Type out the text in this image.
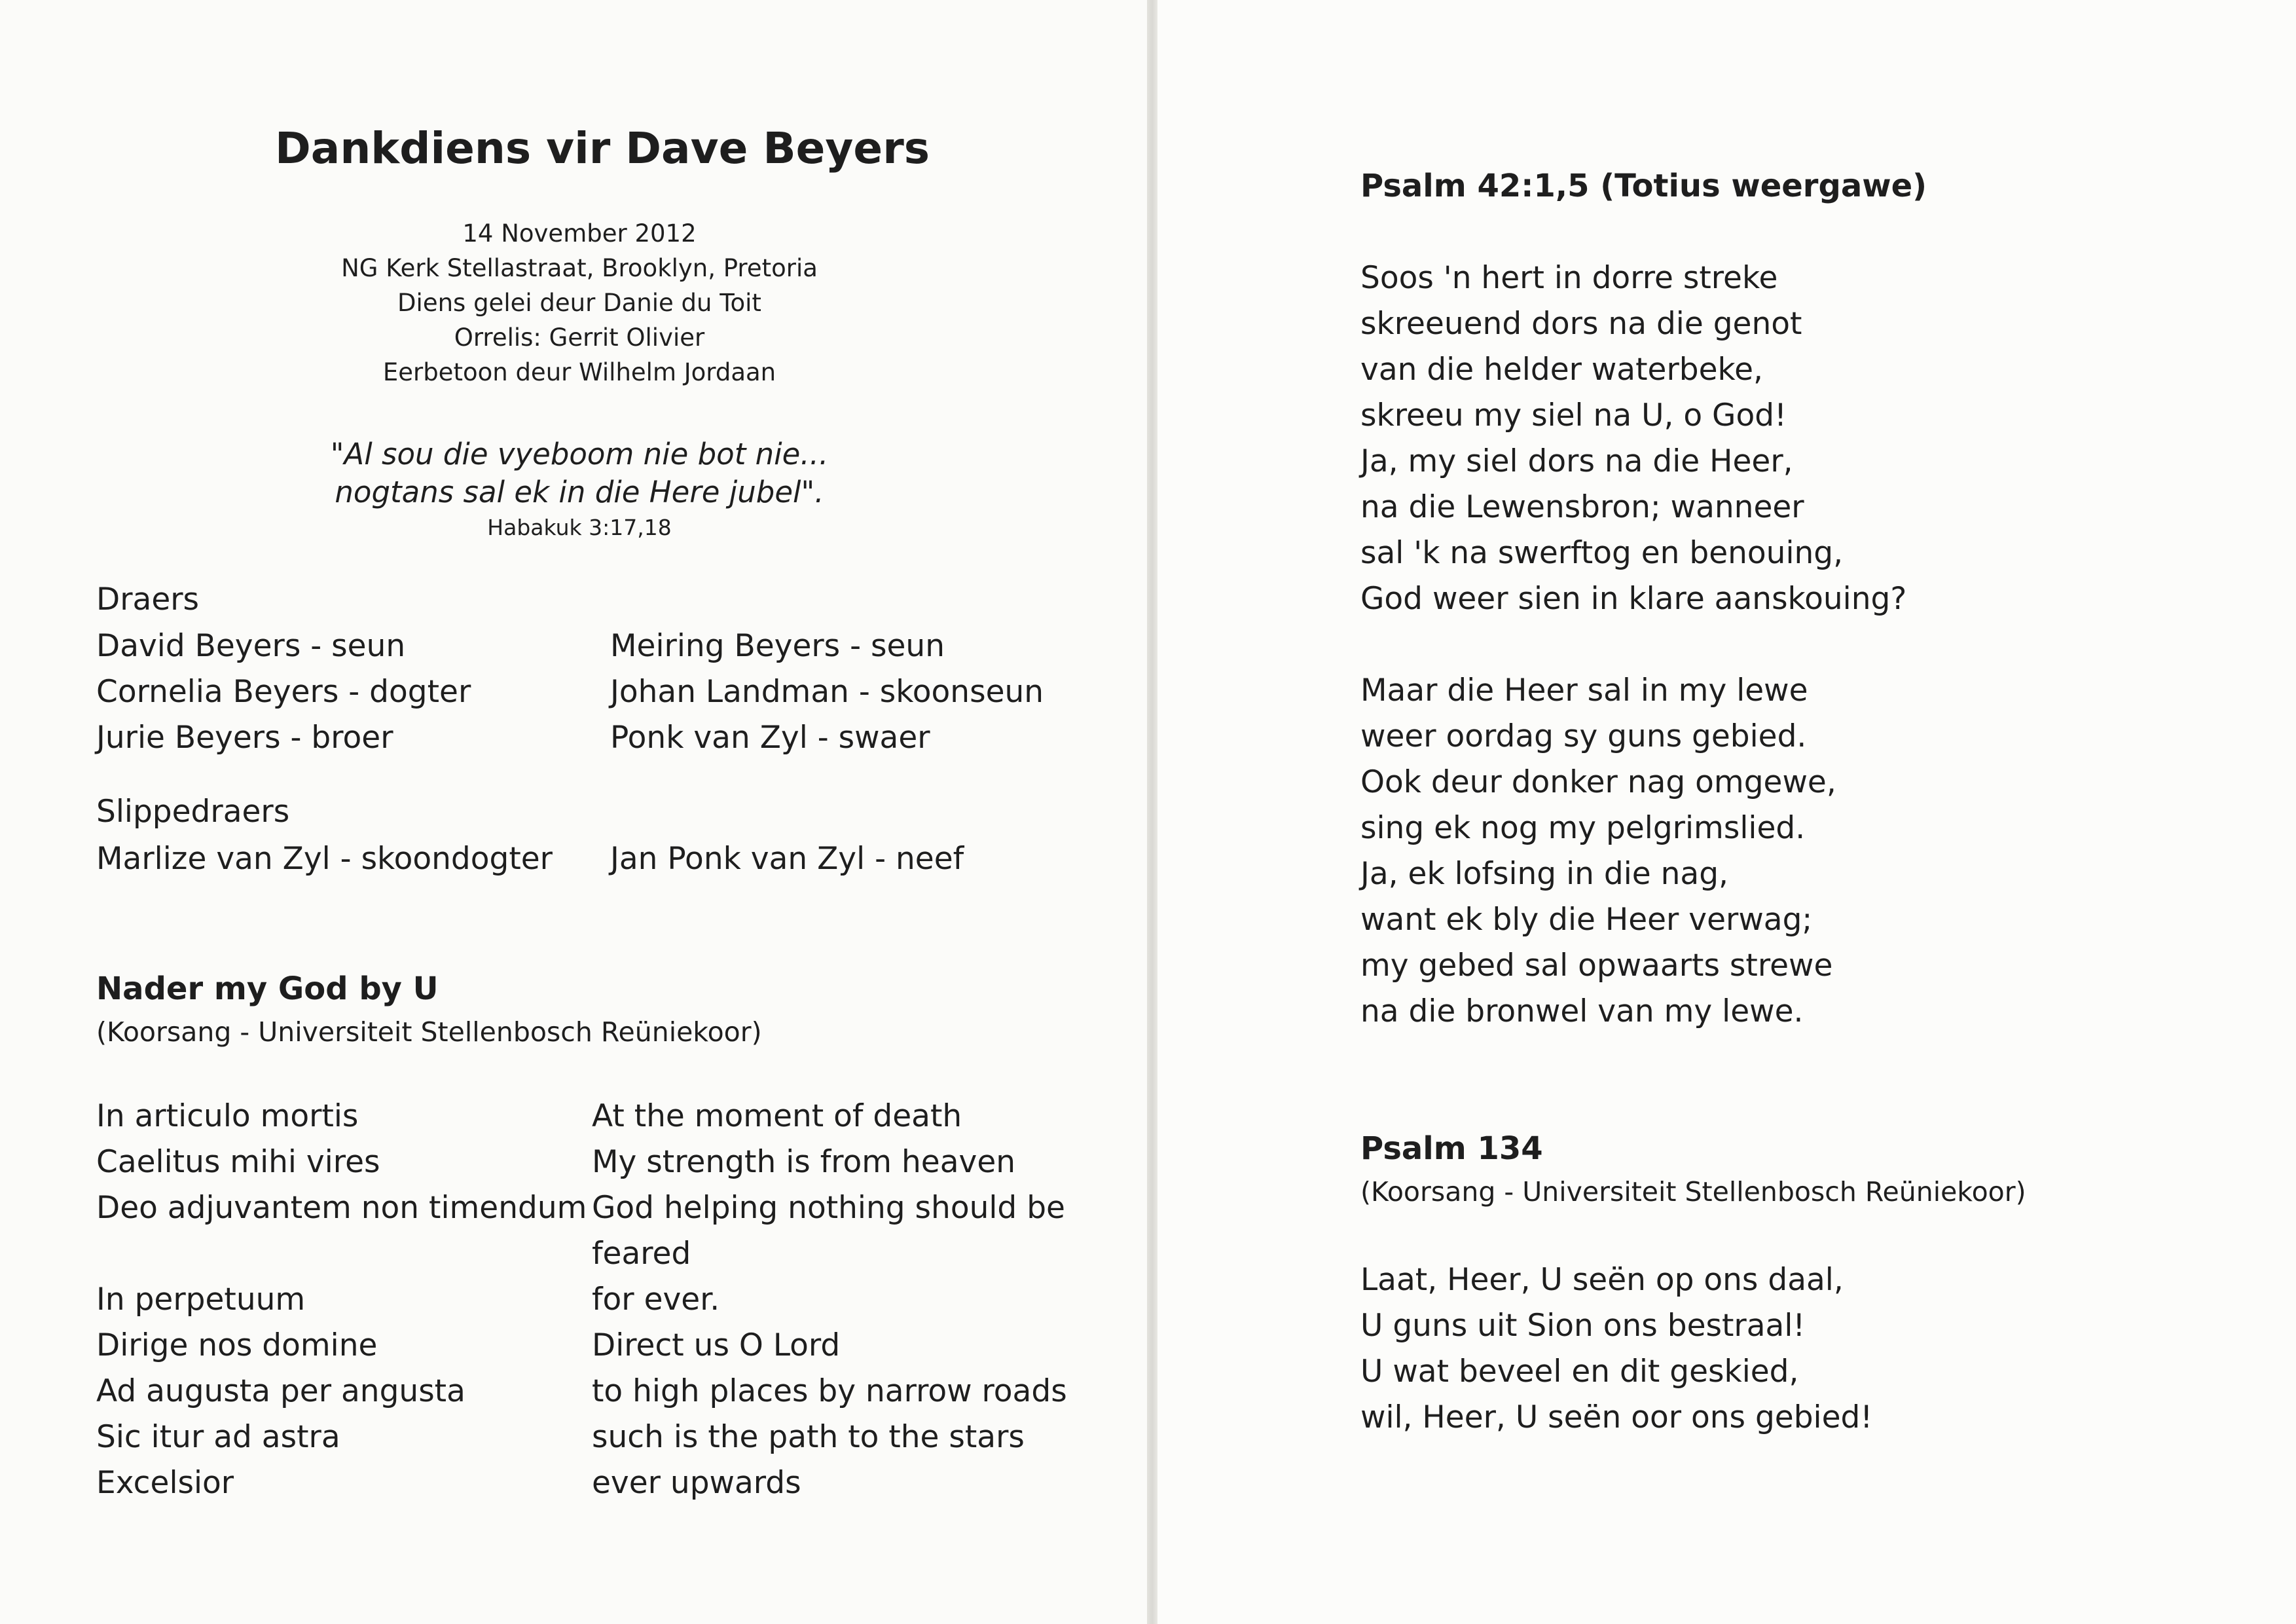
Dankdiens vir Dave Beyers
14 November 2012
NG Kerk Stellastraat, Brooklyn, Pretoria
Diens gelei deur Danie du Toit
Orrelis: Gerrit Olivier
Eerbetoon deur Wilhelm Jordaan
"Al sou die vyeboom nie bot nie...
nogtans sal ek in die Here jubel".
Habakuk 3:17,18
Draers
David Beyers - seun
Cornelia Beyers - dogter
Jurie Beyers - broer
Meiring Beyers - seun
Johan Landman - skoonseun
Ponk van Zyl - swaer
Slippedraers
Marlize van Zyl - skoondogter Jan Ponk van Zyl - neef
Nader my God by U
(Koorsang - Universiteit Stellenbosch Reüniekoor)
In articulo mortis
Caelitus mihi vires
Deo adjuvantem non timendum
In perpetuum
Dirige nos domine
Ad augusta per angusta
Sic itur ad astra
Excelsior
At the moment of death
My strength is from heaven
God helping nothing should be
feared
for ever.
Direct us O Lord
to high places by narrow roads
such is the path to the stars
ever upwards
Psalm 42:1,5 (Totius weergawe)
Soos 'n hert in dorre streke
skreeuend dors na die genot
van die helder waterbeke,
skreeu my siel na U, o God!
Ja, my siel dors na die Heer,
na die Lewensbron; wanneer
sal 'k na swerftog en benouing,
God weer sien in klare aanskouing?
Maar die Heer sal in my lewe
weer oordag sy guns gebied.
Ook deur donker nag omgewe,
sing ek nog my pelgrimslied.
Ja, ek lofsing in die nag,
want ek bly die Heer verwag;
my gebed sal opwaarts strewe
na die bronwel van my lewe.
Psalm 134
(Koorsang - Universiteit Stellenbosch Reüniekoor)
Laat, Heer, U seën op ons daal,
U guns uit Sion ons bestraal!
U wat beveel en dit geskied,
wil, Heer, U seën oor ons gebied!
